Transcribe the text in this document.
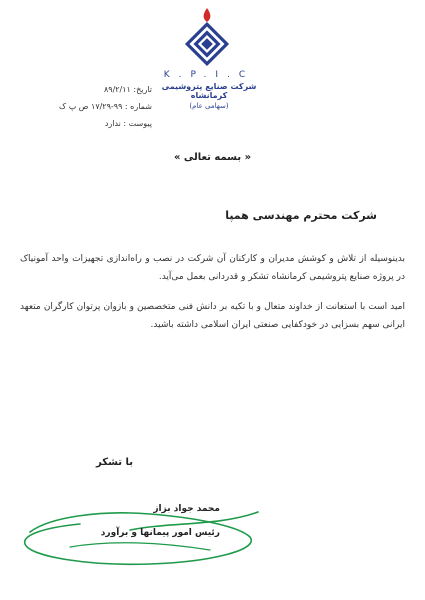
K.P.I.C
شرکت صنایع پتروشیمی کرمانشاه
(سهامی عام)
تاریخ: ۸۹/۲/۱۱
شماره : ۹۹-۱۷/۲۹ ص پ ک
پیوست : ندارد
« بسمه تعالی »
شرکت محترم مهندسی همپا

بدینوسیله از تلاش و کوشش مدیران و کارکنان آن شرکت در نصب و راه‌اندازی تجهیزات واحد آمونیاک در پروژه صنایع پتروشیمی کرمانشاه تشکر و قدردانی بعمل می‌آید.

امید است با استعانت از خداوند متعال و با تکیه بر دانش فنی متخصصین و بازوان پرتوان کارگران متعهد ایرانی سهم بسزایی در خودکفایی صنعتی ایران اسلامی داشته باشید.

با تشکر
محمد جواد بزاز
رئیس امور پیمانها و برآورد
